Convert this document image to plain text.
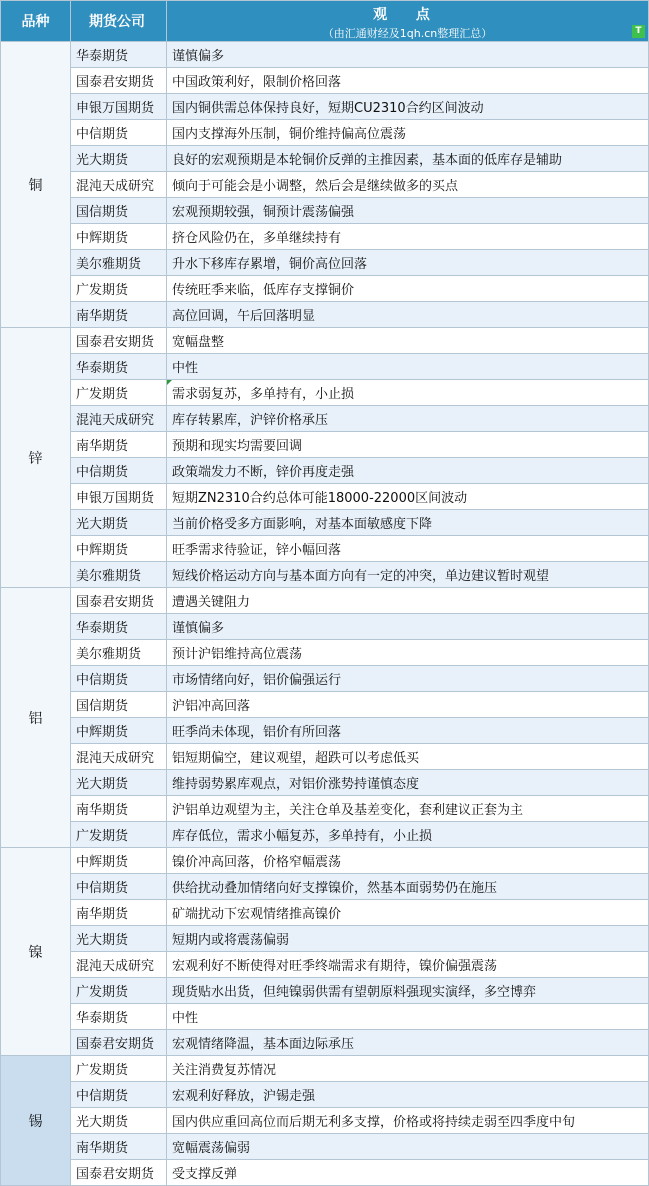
品种	期货公司	观 点
（由汇通财经及1qh.cn整理汇总） T

铜	华泰期货	谨慎偏多
	国泰君安期货	中国政策利好，限制价格回落
	申银万国期货	国内铜供需总体保持良好，短期CU2310合约区间波动
	中信期货	国内支撑海外压制，铜价维持偏高位震荡
	光大期货	良好的宏观预期是本轮铜价反弹的主推因素，基本面的低库存是辅助
	混沌天成研究	倾向于可能会是小调整，然后会是继续做多的买点
	国信期货	宏观预期较强，铜预计震荡偏强
	中辉期货	挤仓风险仍在，多单继续持有
	美尔雅期货	升水下移库存累增，铜价高位回落
	广发期货	传统旺季来临，低库存支撑铜价
	南华期货	高位回调，午后回落明显
锌	国泰君安期货	宽幅盘整
	华泰期货	中性
	广发期货	需求弱复苏，多单持有，小止损
	混沌天成研究	库存转累库，沪锌价格承压
	南华期货	预期和现实均需要回调
	中信期货	政策端发力不断，锌价再度走强
	申银万国期货	短期ZN2310合约总体可能18000-22000区间波动
	光大期货	当前价格受多方面影响，对基本面敏感度下降
	中辉期货	旺季需求待验证，锌小幅回落
	美尔雅期货	短线价格运动方向与基本面方向有一定的冲突，单边建议暂时观望
铝	国泰君安期货	遭遇关键阻力
	华泰期货	谨慎偏多
	美尔雅期货	预计沪铝维持高位震荡
	中信期货	市场情绪向好，铝价偏强运行
	国信期货	沪铝冲高回落
	中辉期货	旺季尚未体现，铝价有所回落
	混沌天成研究	铝短期偏空，建议观望，超跌可以考虑低买
	光大期货	维持弱势累库观点，对铝价涨势持谨慎态度
	南华期货	沪铝单边观望为主，关注仓单及基差变化，套利建议正套为主
	广发期货	库存低位，需求小幅复苏，多单持有，小止损
镍	中辉期货	镍价冲高回落，价格窄幅震荡
	中信期货	供给扰动叠加情绪向好支撑镍价，然基本面弱势仍在施压
	南华期货	矿端扰动下宏观情绪推高镍价
	光大期货	短期内或将震荡偏弱
	混沌天成研究	宏观利好不断使得对旺季终端需求有期待，镍价偏强震荡
	广发期货	现货贴水出货，但纯镍弱供需有望朝原料强现实演绎，多空博弈
	华泰期货	中性
	国泰君安期货	宏观情绪降温，基本面边际承压
锡	广发期货	关注消费复苏情况
	中信期货	宏观利好释放，沪锡走强
	光大期货	国内供应重回高位而后期无利多支撑，价格或将持续走弱至四季度中旬
	南华期货	宽幅震荡偏弱
	国泰君安期货	受支撑反弹
